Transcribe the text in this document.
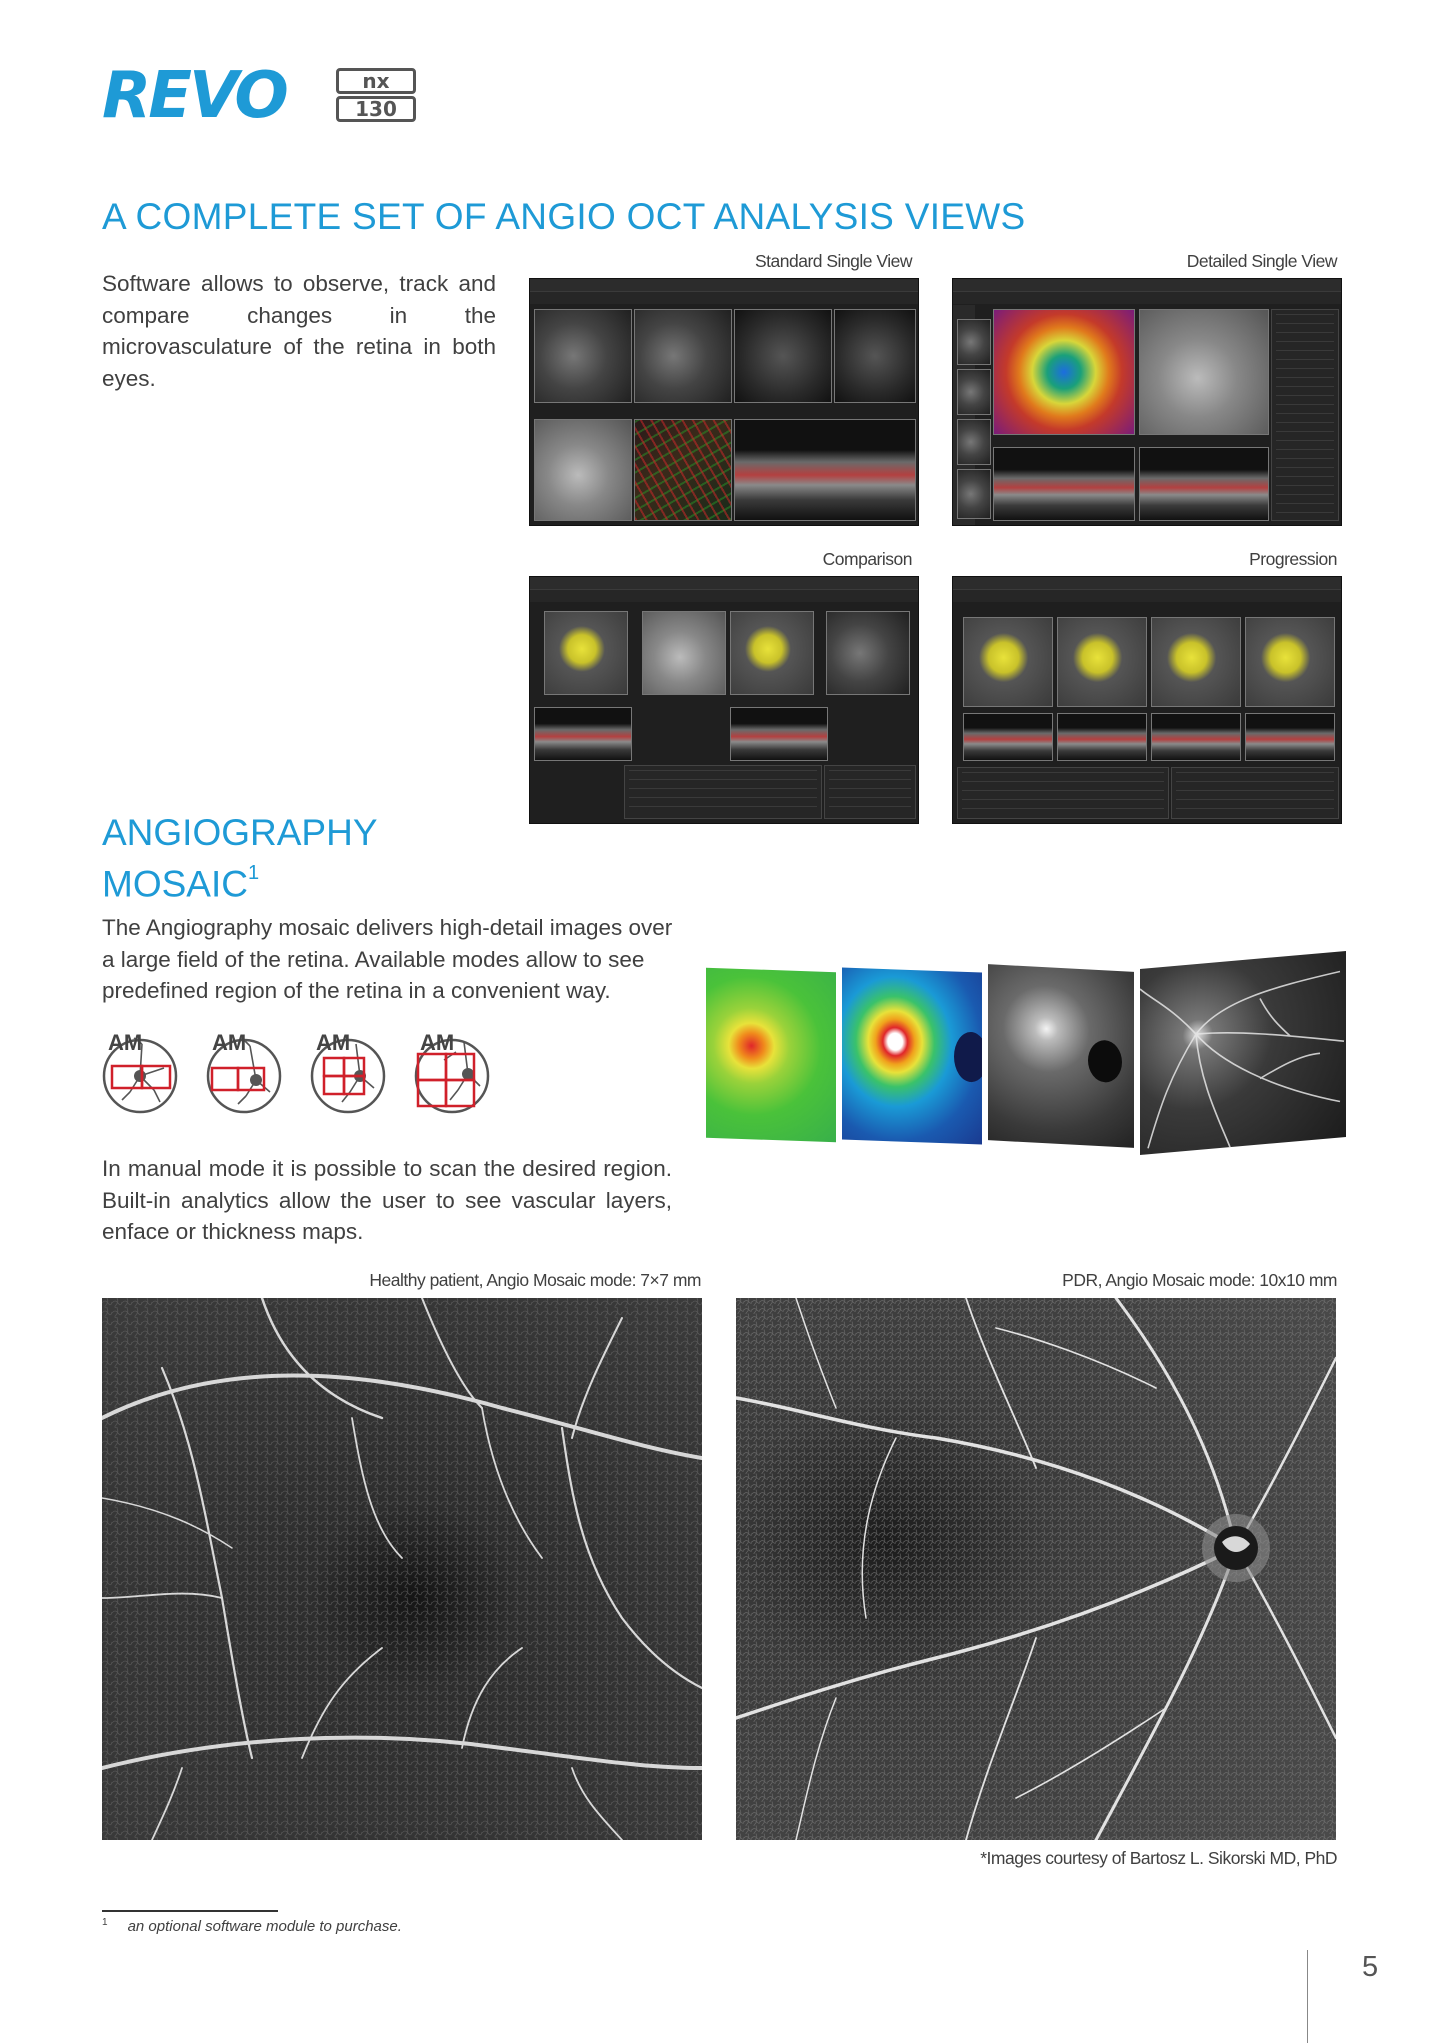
REVO	nx
130
A COMPLETE SET OF ANGIO OCT ANALYSIS VIEWS
Software allows to observe, track and compare changes in the microvasculature of the retina in both eyes.
Standard Single View	Detailed Single View
Comparison	Progression
ANGIOGRAPHY
MOSAIC$^1$
The Angiography mosaic delivers high-detail images over a large field of the retina. Available modes allow to see predefined region of the retina in a convenient way.
AM	AM	AM	AM
In manual mode it is possible to scan the desired region. Built-in analytics allow the user to see vascular layers, enface or thickness maps.
Healthy patient, Angio Mosaic mode: 7×7 mm	PDR, Angio Mosaic mode: 10x10 mm
*Images courtesy of Bartosz L. Sikorski MD, PhD
$^1$ an optional software module to purchase.
5
